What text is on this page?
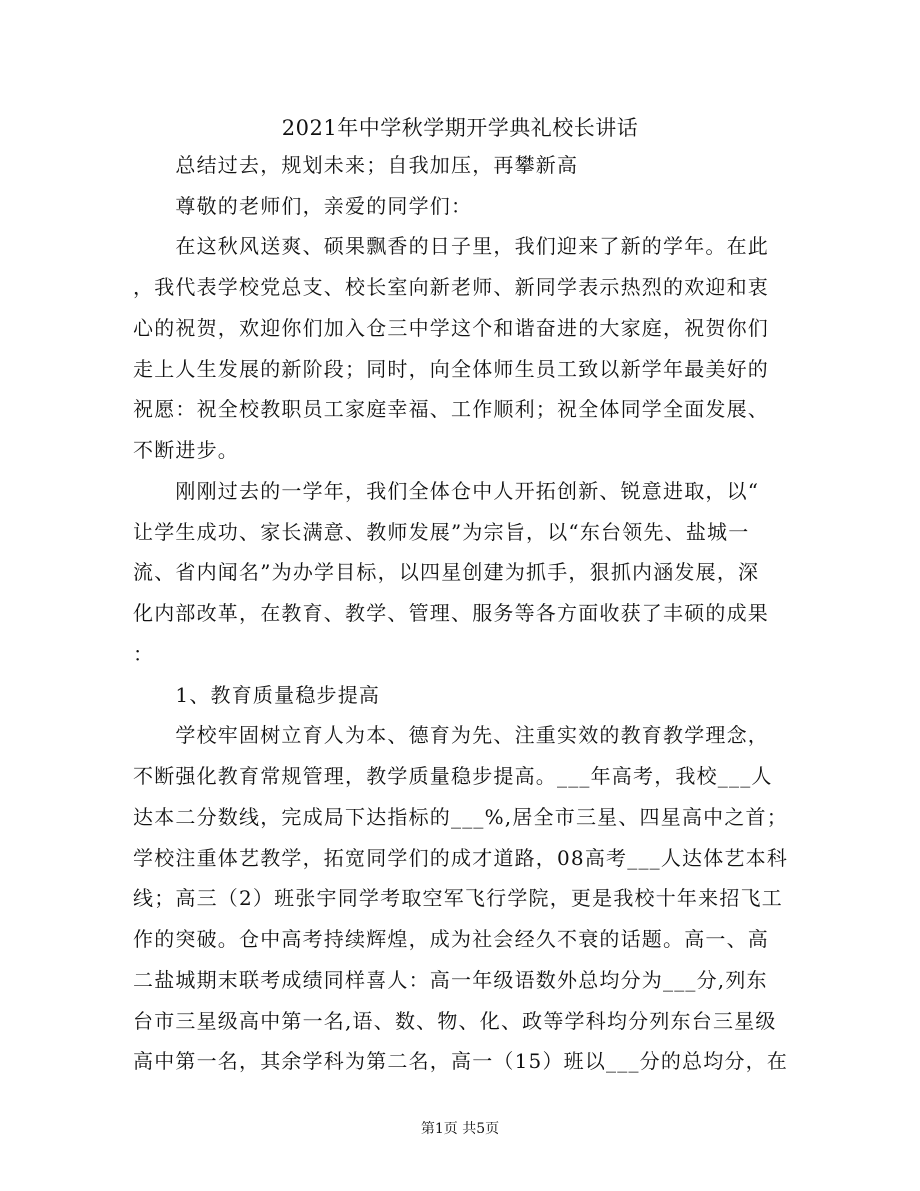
2021年中学秋学期开学典礼校长讲话
　　总结过去，规划未来；自我加压，再攀新高
　　尊敬的老师们，亲爱的同学们：
　　在这秋风送爽、硕果飘香的日子里，我们迎来了新的学年。在此
，我代表学校党总支、校长室向新老师、新同学表示热烈的欢迎和衷
心的祝贺，欢迎你们加入仓三中学这个和谐奋进的大家庭，祝贺你们
走上人生发展的新阶段；同时，向全体师生员工致以新学年最美好的
祝愿：祝全校教职员工家庭幸福、工作顺利；祝全体同学全面发展、
不断进步。
　　刚刚过去的一学年，我们全体仓中人开拓创新、锐意进取，以“
让学生成功、家长满意、教师发展”为宗旨，以“东台领先、盐城一
流、省内闻名”为办学目标，以四星创建为抓手，狠抓内涵发展，深
化内部改革，在教育、教学、管理、服务等各方面收获了丰硕的成果
：
　　1、教育质量稳步提高
　　学校牢固树立育人为本、德育为先、注重实效的教育教学理念，
不断强化教育常规管理，教学质量稳步提高。___年高考，我校___人
达本二分数线，完成局下达指标的___%,居全市三星、四星高中之首；
学校注重体艺教学，拓宽同学们的成才道路，08高考___人达体艺本科
线；高三（2）班张宇同学考取空军飞行学院，更是我校十年来招飞工
作的突破。仓中高考持续辉煌，成为社会经久不衰的话题。高一、高
二盐城期末联考成绩同样喜人：高一年级语数外总均分为___分,列东
台市三星级高中第一名,语、数、物、化、政等学科均分列东台三星级
高中第一名，其余学科为第二名，高一（15）班以___分的总均分，在
第1页 共5页
